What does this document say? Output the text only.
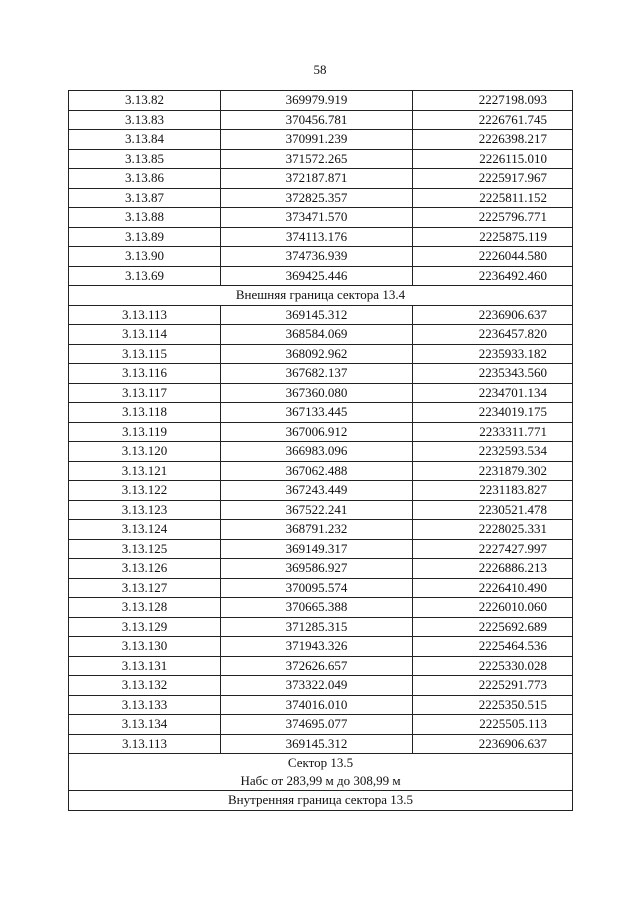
58
3.13.82	369979.919	2227198.093
3.13.83	370456.781	2226761.745
3.13.84	370991.239	2226398.217
3.13.85	371572.265	2226115.010
3.13.86	372187.871	2225917.967
3.13.87	372825.357	2225811.152
3.13.88	373471.570	2225796.771
3.13.89	374113.176	2225875.119
3.13.90	374736.939	2226044.580
3.13.69	369425.446	2236492.460
Внешняя граница сектора 13.4		
3.13.113	369145.312	2236906.637
3.13.114	368584.069	2236457.820
3.13.115	368092.962	2235933.182
3.13.116	367682.137	2235343.560
3.13.117	367360.080	2234701.134
3.13.118	367133.445	2234019.175
3.13.119	367006.912	2233311.771
3.13.120	366983.096	2232593.534
3.13.121	367062.488	2231879.302
3.13.122	367243.449	2231183.827
3.13.123	367522.241	2230521.478
3.13.124	368791.232	2228025.331
3.13.125	369149.317	2227427.997
3.13.126	369586.927	2226886.213
3.13.127	370095.574	2226410.490
3.13.128	370665.388	2226010.060
3.13.129	371285.315	2225692.689
3.13.130	371943.326	2225464.536
3.13.131	372626.657	2225330.028
3.13.132	373322.049	2225291.773
3.13.133	374016.010	2225350.515
3.13.134	374695.077	2225505.113
3.13.113	369145.312	2236906.637

Сектор 13.5
Набс от 283,99 м до 308,99 м		

Внутренняя граница сектора 13.5		
